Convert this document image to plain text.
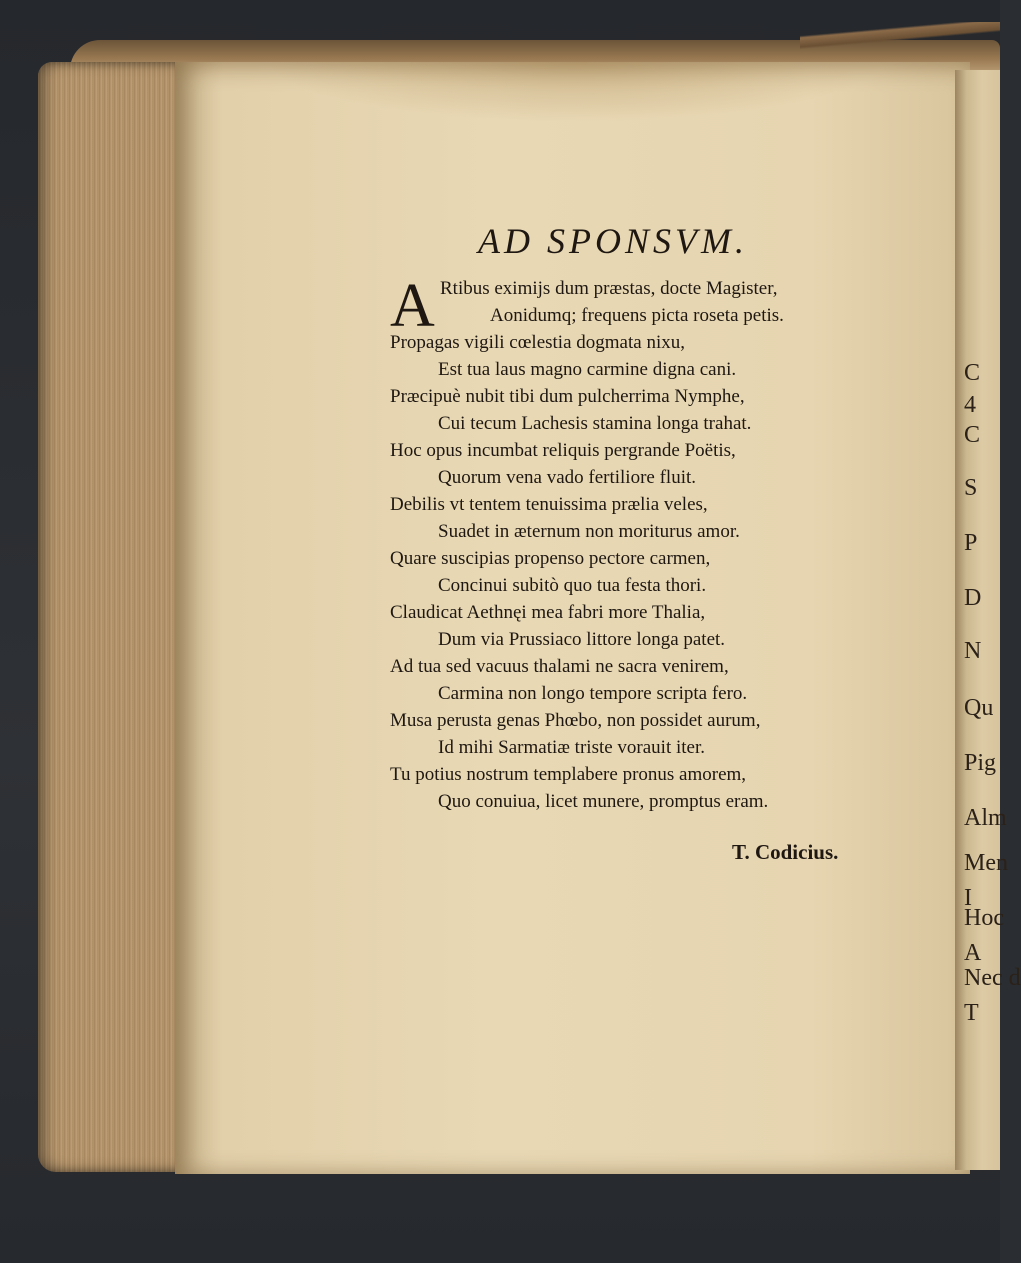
C
4
C
S
P
D
N
Qu
Pig
Alm
Men
I
Hoc
A
Nec d
T
AD SPONSVM.
A
T. Codicius.
Rtibus eximijs dum præstas, docte Magister,
Aonidumq; frequens picta roseta petis.
Propagas vigili cœlestia dogmata nixu,
Est tua laus magno carmine digna cani.
Præcipuè nubit tibi dum pulcherrima Nymphe,
Cui tecum Lachesis stamina longa trahat.
Hoc opus incumbat reliquis pergrande Poëtis,
Quorum vena vado fertiliore fluit.
Debilis vt tentem tenuissima prælia veles,
Suadet in æternum non moriturus amor.
Quare suscipias propenso pectore carmen,
Concinui subitò quo tua festa thori.
Claudicat Aethnęi mea fabri more Thalia,
Dum via Prussiaco littore longa patet.
Ad tua sed vacuus thalami ne sacra venirem,
Carmina non longo tempore scripta fero.
Musa perusta genas Phœbo, non possidet aurum,
Id mihi Sarmatiæ triste vorauit iter.
Tu potius nostrum templabere pronus amorem,
Quo conuiua, licet munere, promptus eram.
